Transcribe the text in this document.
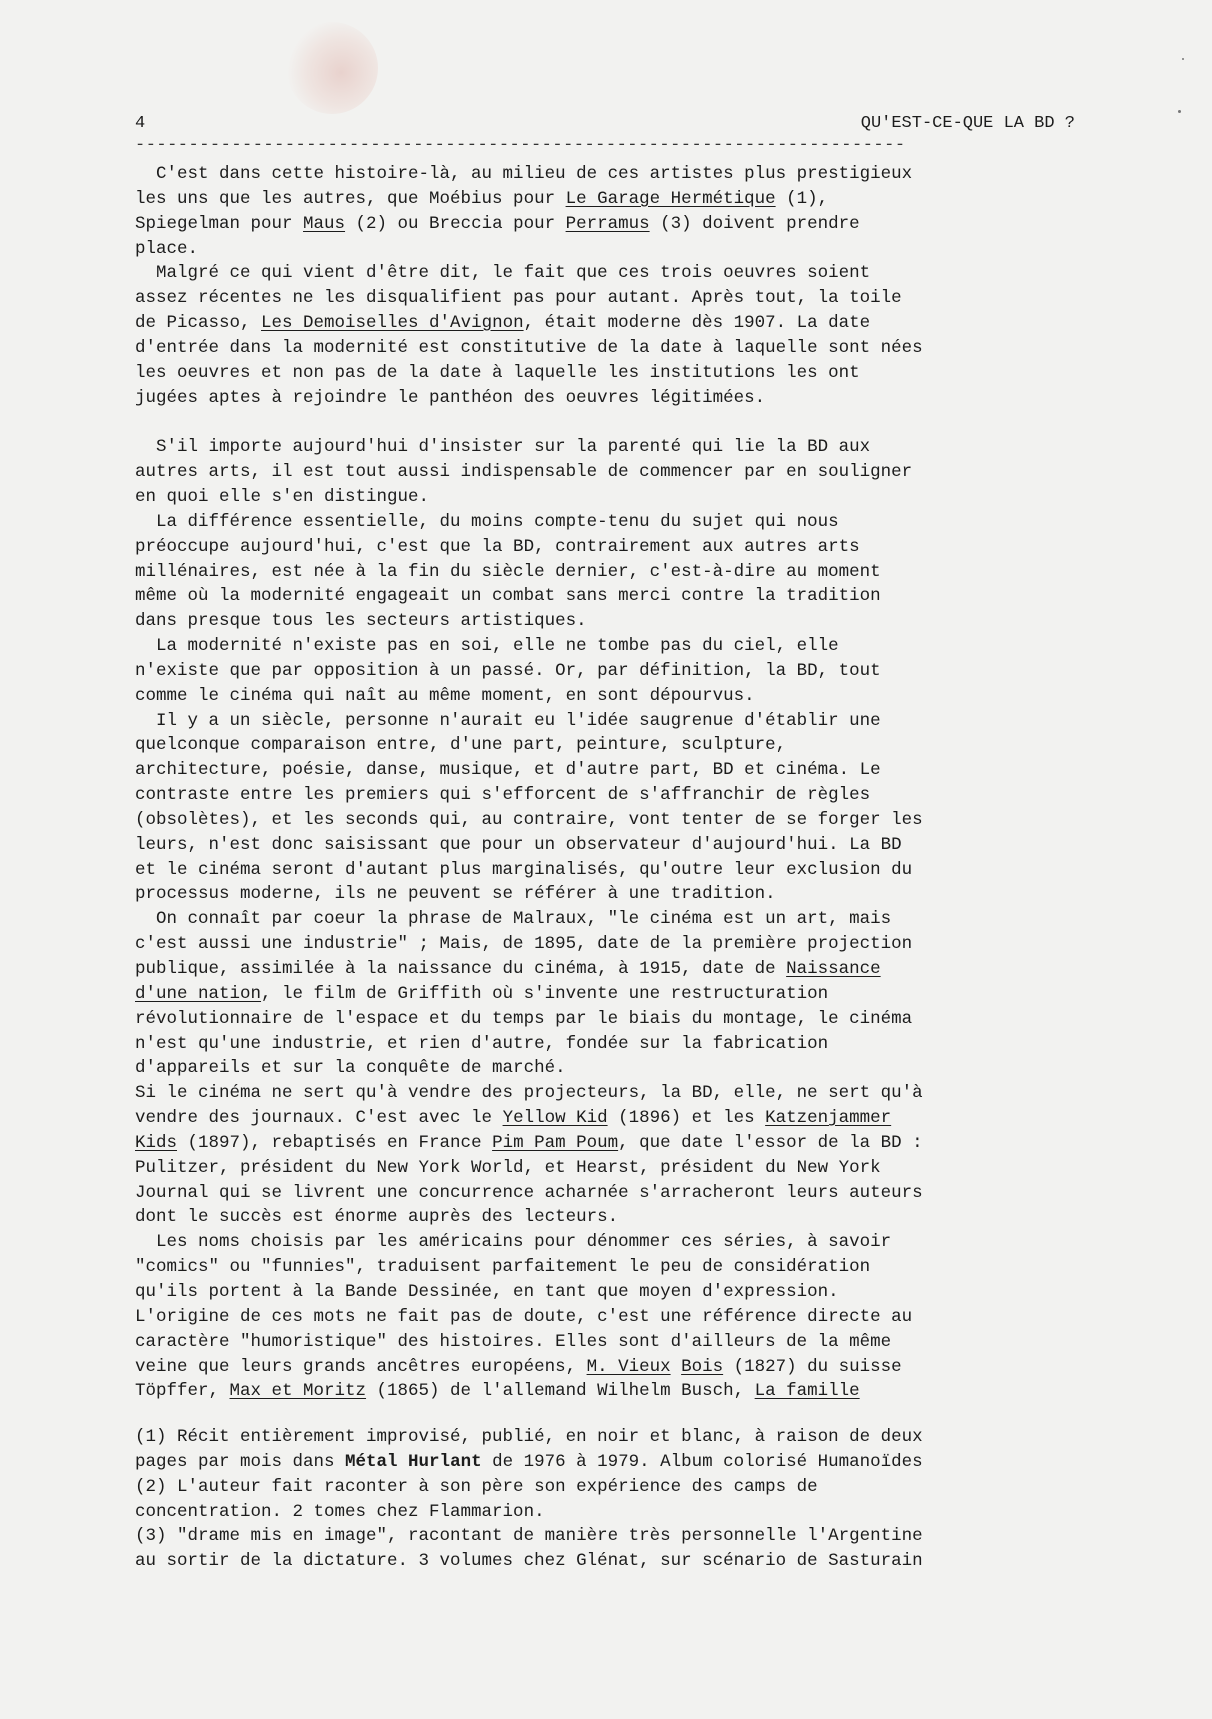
4	QU'EST-CE-QUE LA BD ?
------------------------------------------------------------------------
C'est dans cette histoire-là, au milieu de ces artistes plus prestigieux
les uns que les autres, que Moébius pour Le Garage Hermétique (1),
Spiegelman pour Maus (2) ou Breccia pour Perramus (3) doivent prendre
place.
Malgré ce qui vient d'être dit, le fait que ces trois oeuvres soient
assez récentes ne les disqualifient pas pour autant. Après tout, la toile
de Picasso, Les Demoiselles d'Avignon, était moderne dès 1907. La date
d'entrée dans la modernité est constitutive de la date à laquelle sont nées
les oeuvres et non pas de la date à laquelle les institutions les ont
jugées aptes à rejoindre le panthéon des oeuvres légitimées.
S'il importe aujourd'hui d'insister sur la parenté qui lie la BD aux
autres arts, il est tout aussi indispensable de commencer par en souligner
en quoi elle s'en distingue.
La différence essentielle, du moins compte-tenu du sujet qui nous
préoccupe aujourd'hui, c'est que la BD, contrairement aux autres arts
millénaires, est née à la fin du siècle dernier, c'est-à-dire au moment
même où la modernité engageait un combat sans merci contre la tradition
dans presque tous les secteurs artistiques.
La modernité n'existe pas en soi, elle ne tombe pas du ciel, elle
n'existe que par opposition à un passé. Or, par définition, la BD, tout
comme le cinéma qui naît au même moment, en sont dépourvus.
Il y a un siècle, personne n'aurait eu l'idée saugrenue d'établir une
quelconque comparaison entre, d'une part, peinture, sculpture,
architecture, poésie, danse, musique, et d'autre part, BD et cinéma. Le
contraste entre les premiers qui s'efforcent de s'affranchir de règles
(obsolètes), et les seconds qui, au contraire, vont tenter de se forger les
leurs, n'est donc saisissant que pour un observateur d'aujourd'hui. La BD
et le cinéma seront d'autant plus marginalisés, qu'outre leur exclusion du
processus moderne, ils ne peuvent se référer à une tradition.
On connaît par coeur la phrase de Malraux, "le cinéma est un art, mais
c'est aussi une industrie" ; Mais, de 1895, date de la première projection
publique, assimilée à la naissance du cinéma, à 1915, date de Naissance
d'une nation, le film de Griffith où s'invente une restructuration
révolutionnaire de l'espace et du temps par le biais du montage, le cinéma
n'est qu'une industrie, et rien d'autre, fondée sur la fabrication
d'appareils et sur la conquête de marché.
Si le cinéma ne sert qu'à vendre des projecteurs, la BD, elle, ne sert qu'à
vendre des journaux. C'est avec le Yellow Kid (1896) et les Katzenjammer
Kids (1897), rebaptisés en France Pim Pam Poum, que date l'essor de la BD :
Pulitzer, président du New York World, et Hearst, président du New York
Journal qui se livrent une concurrence acharnée s'arracheront leurs auteurs
dont le succès est énorme auprès des lecteurs.
Les noms choisis par les américains pour dénommer ces séries, à savoir
"comics" ou "funnies", traduisent parfaitement le peu de considération
qu'ils portent à la Bande Dessinée, en tant que moyen d'expression.
L'origine de ces mots ne fait pas de doute, c'est une référence directe au
caractère "humoristique" des histoires. Elles sont d'ailleurs de la même
veine que leurs grands ancêtres européens, M. Vieux Bois (1827) du suisse
Töpffer, Max et Moritz (1865) de l'allemand Wilhelm Busch, La famille
(1) Récit entièrement improvisé, publié, en noir et blanc, à raison de deux
pages par mois dans Métal Hurlant de 1976 à 1979. Album colorisé Humanoïdes
(2) L'auteur fait raconter à son père son expérience des camps de
concentration. 2 tomes chez Flammarion.
(3) "drame mis en image", racontant de manière très personnelle l'Argentine
au sortir de la dictature. 3 volumes chez Glénat, sur scénario de Sasturain
